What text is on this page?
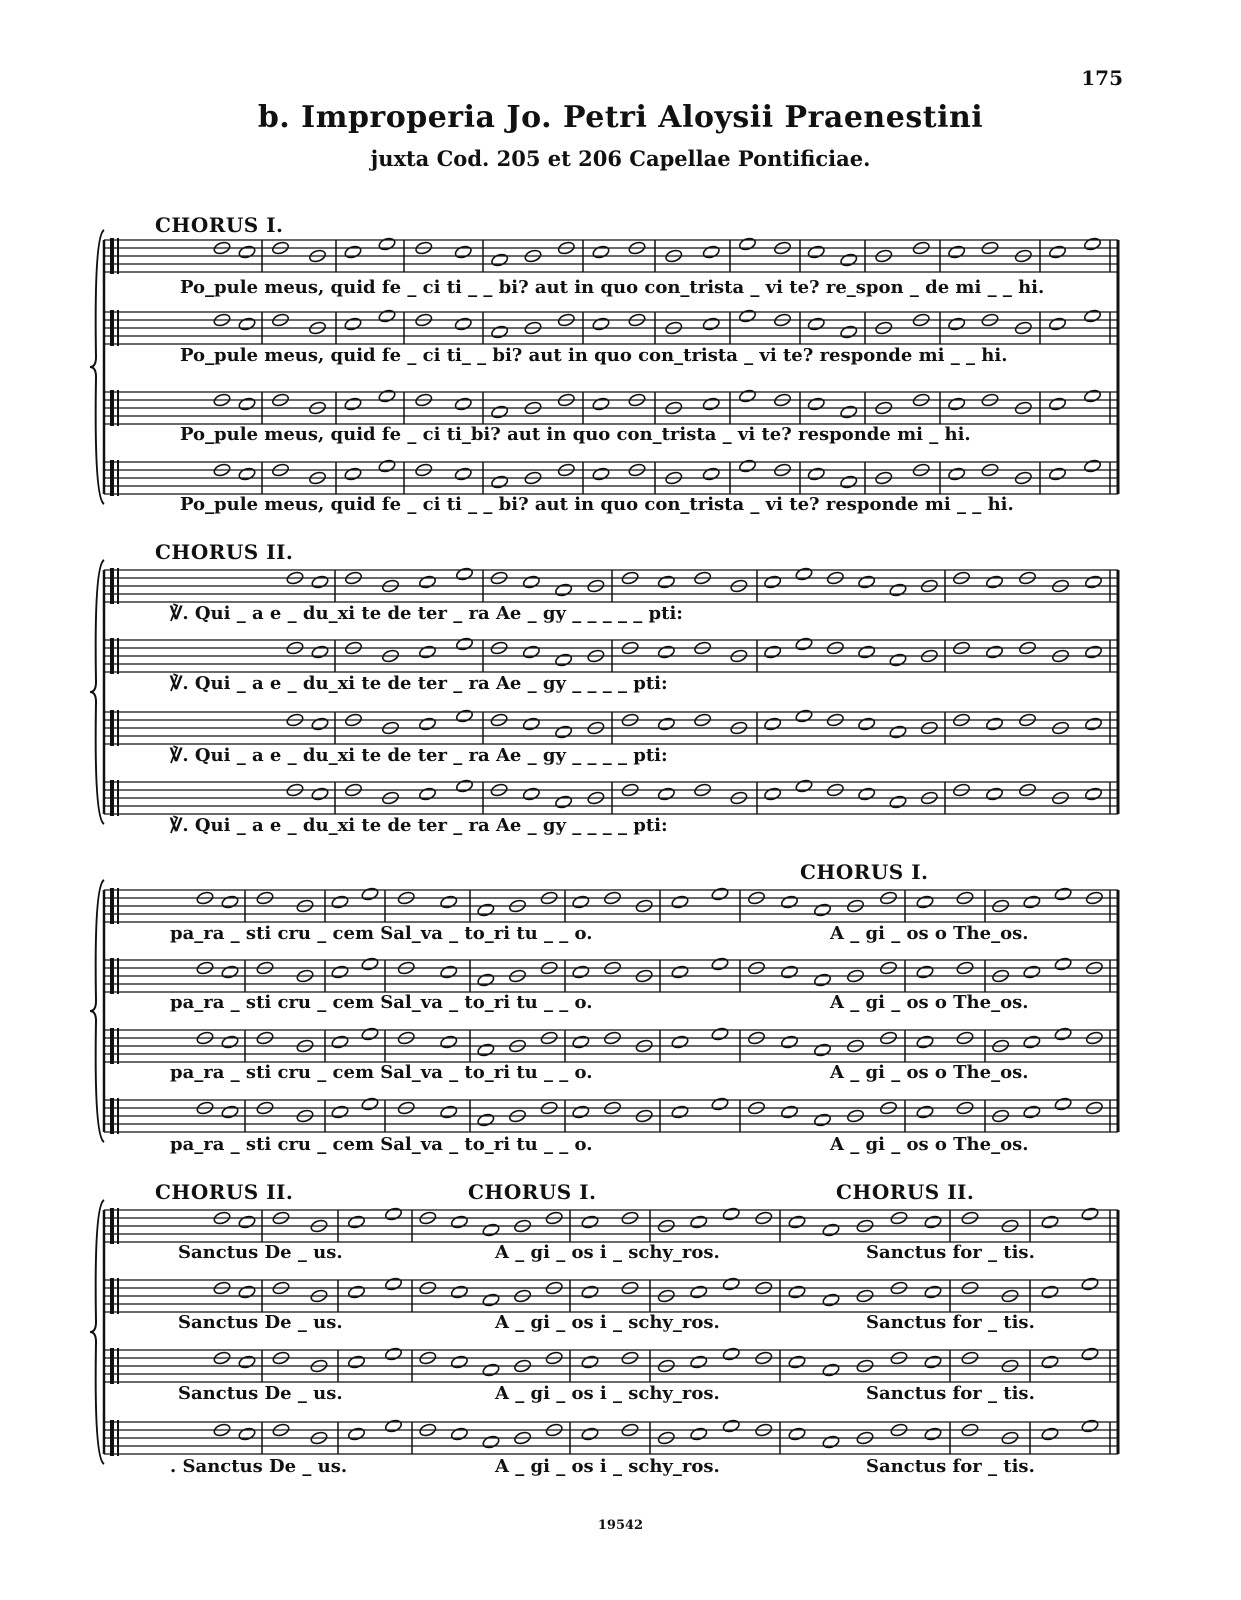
175
b. Improperia Jo. Petri Aloysii Praenestini
juxta Cod. 205 et 206 Capellae Pontificiae.
CHORUS I.
Po_pule meus, quid fe _ ci ti _ _ bi? aut in quo con_trista _ vi te? re_spon _ de mi _ _ hi.
Po_pule meus, quid fe _ ci ti_ _ bi? aut in quo con_trista _ vi te? responde mi _ _ hi.
Po_pule meus, quid fe _ ci ti_bi? aut in quo con_trista _ vi te? responde mi _ hi.
Po_pule meus, quid fe _ ci ti _ _ bi? aut in quo con_trista _ vi te? responde mi _ _ hi.
CHORUS II.
℣. Qui _ a e _ du_xi te de ter _ ra Ae _ gy _ _ _ _ _ pti:
℣. Qui _ a e _ du_xi te de ter _ ra Ae _ gy _ _ _ _ pti:
℣. Qui _ a e _ du_xi te de ter _ ra Ae _ gy _ _ _ _ pti:
℣. Qui _ a e _ du_xi te de ter _ ra Ae _ gy _ _ _ _ pti:
CHORUS I.
pa_ra _ sti cru _ cem Sal_va _ to_ri tu _ _ o.	A _ gi _ os o The_os.
pa_ra _ sti cru _ cem Sal_va _ to_ri tu _ _ o.	A _ gi _ os o The_os.
pa_ra _ sti cru _ cem Sal_va _ to_ri tu _ _ o.	A _ gi _ os o The_os.
pa_ra _ sti cru _ cem Sal_va _ to_ri tu _ _ o.	A _ gi _ os o The_os.
CHORUS II.	CHORUS I.	CHORUS II.
Sanctus De _ us.	A _ gi _ os i _ schy_ros.	Sanctus for _ tis.
Sanctus De _ us.	A _ gi _ os i _ schy_ros.	Sanctus for _ tis.
Sanctus De _ us.	A _ gi _ os i _ schy_ros.	Sanctus for _ tis.
. Sanctus De _ us.	A _ gi _ os i _ schy_ros.	Sanctus for _ tis.
19542
